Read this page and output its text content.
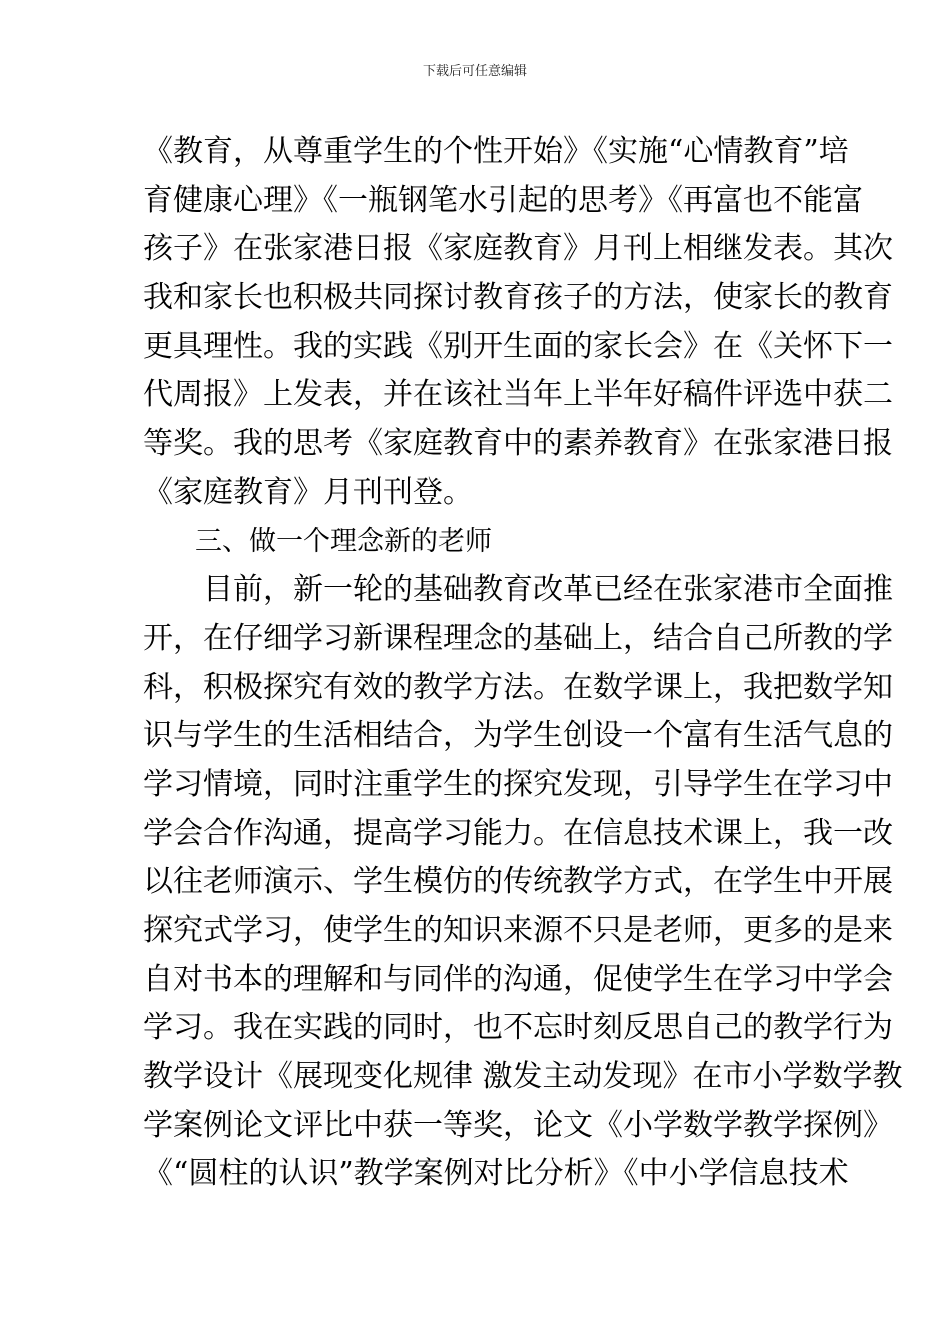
下载后可任意编辑
《教育，从尊重学生的个性开始》《实施“心情教育”培
育健康心理》《一瓶钢笔水引起的思考》《再富也不能富
孩子》在张家港日报《家庭教育》月刊上相继发表。其次
我和家长也积极共同探讨教育孩子的方法，使家长的教育
更具理性。我的实践《别开生面的家长会》在《关怀下一
代周报》上发表，并在该社当年上半年好稿件评选中获二
等奖。我的思考《家庭教育中的素养教育》在张家港日报
《家庭教育》月刊刊登。
三、做一个理念新的老师
目前，新一轮的基础教育改革已经在张家港市全面推
开，在仔细学习新课程理念的基础上，结合自己所教的学
科，积极探究有效的教学方法。在数学课上，我把数学知
识与学生的生活相结合，为学生创设一个富有生活气息的
学习情境，同时注重学生的探究发现，引导学生在学习中
学会合作沟通，提高学习能力。在信息技术课上，我一改
以往老师演示、学生模仿的传统教学方式，在学生中开展
探究式学习，使学生的知识来源不只是老师，更多的是来
自对书本的理解和与同伴的沟通，促使学生在学习中学会
学习。我在实践的同时，也不忘时刻反思自己的教学行为
教学设计《展现变化规律 激发主动发现》在市小学数学教
学案例论文评比中获一等奖，论文《小学数学教学探例》
《“圆柱的认识”教学案例对比分析》《中小学信息技术
